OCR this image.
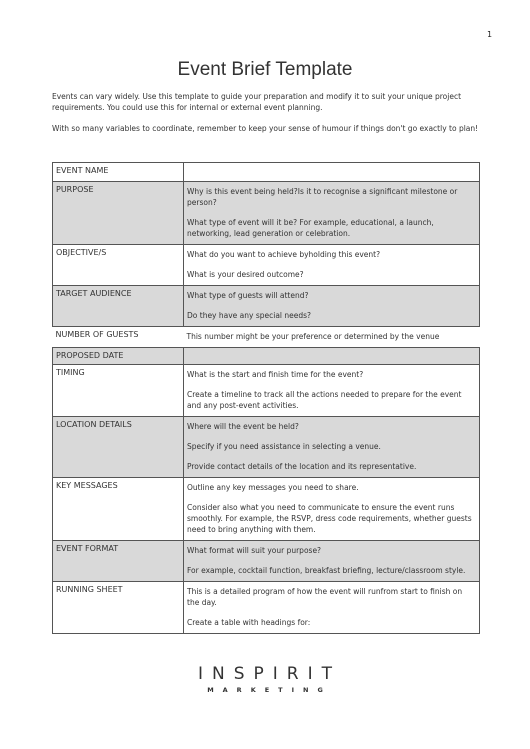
1
Event Brief Template
Events can vary widely. Use this template to guide your preparation and modify it to suit your unique project requirements. You could use this for internal or external event planning.
With so many variables to coordinate, remember to keep your sense of humour if things don't go exactly to plan!
EVENT NAME	
PURPOSE	Why is this event being held?Is it to recognise a significant milestone or person?
What type of event will it be? For example, educational, a launch, networking, lead generation or celebration.

OBJECTIVE/S	What do you want to achieve byholding this event?
What is your desired outcome?

TARGET AUDIENCE	What type of guests will attend?
Do they have any special needs?

NUMBER OF GUESTS	This number might be your preference or determined by the venue

PROPOSED DATE	
TIMING	What is the start and finish time for the event?
Create a timeline to track all the actions needed to prepare for the event and any post-event activities.

LOCATION DETAILS	Where will the event be held?
Specify if you need assistance in selecting a venue.
Provide contact details of the location and its representative.

KEY MESSAGES	Outline any key messages you need to share.
Consider also what you need to communicate to ensure the event runs smoothly. For example, the RSVP, dress code requirements, whether guests need to bring anything with them.

EVENT FORMAT	What format will suit your purpose?
For example, cocktail function, breakfast briefing, lecture/classroom style.

RUNNING SHEET	This is a detailed program of how the event will runfrom start to finish on the day.
Create a table with headings for:
INSPIRIT
MARKETING
